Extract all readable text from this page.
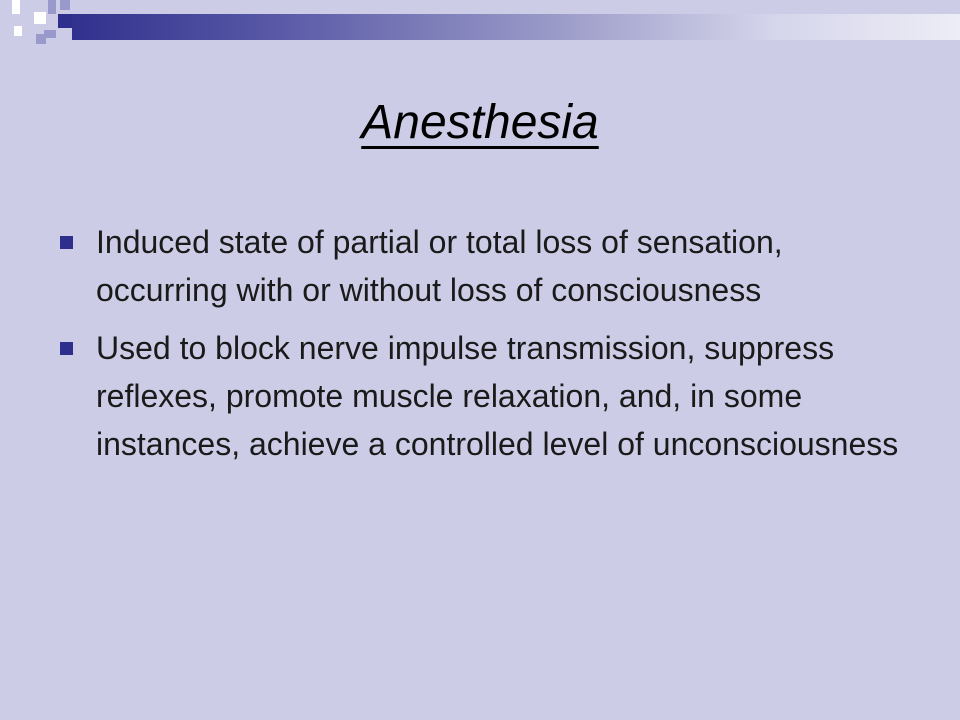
Anesthesia
Induced state of partial or total loss of sensation, occurring with or without loss of consciousness
Used to block nerve impulse transmission, suppress reflexes, promote muscle relaxation, and, in some instances, achieve a controlled level of unconsciousness
